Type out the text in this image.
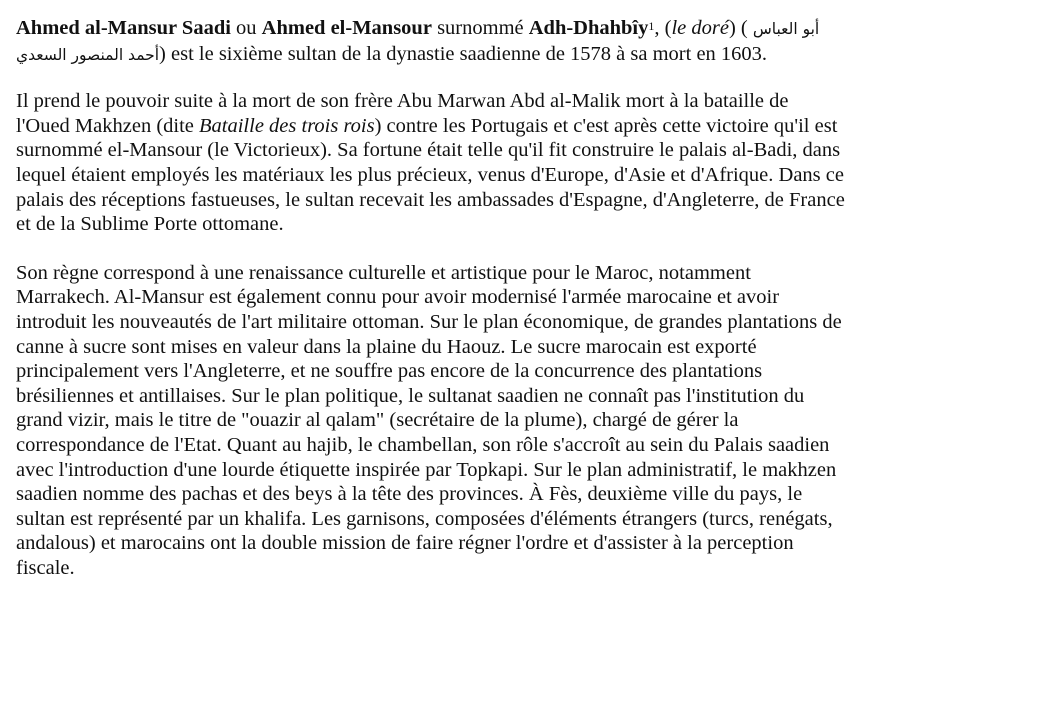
Ahmed al-Mansur Saadi ou Ahmed el-Mansour surnommé Adh-Dhahbîy$^1$, (le doré) ( أبو العباس
أحمد المنصور السعدي) est le sixième sultan de la dynastie saadienne de 1578 à sa mort en 1603.

Il prend le pouvoir suite à la mort de son frère Abu Marwan Abd al-Malik mort à la bataille de
l'Oued Makhzen (dite Bataille des trois rois) contre les Portugais et c'est après cette victoire qu'il est
surnommé el-Mansour (le Victorieux). Sa fortune était telle qu'il fit construire le palais al-Badi, dans
lequel étaient employés les matériaux les plus précieux, venus d'Europe, d'Asie et d'Afrique. Dans ce
palais des réceptions fastueuses, le sultan recevait les ambassades d'Espagne, d'Angleterre, de France
et de la Sublime Porte ottomane.

Son règne correspond à une renaissance culturelle et artistique pour le Maroc, notamment
Marrakech. Al-Mansur est également connu pour avoir modernisé l'armée marocaine et avoir
introduit les nouveautés de l'art militaire ottoman. Sur le plan économique, de grandes plantations de
canne à sucre sont mises en valeur dans la plaine du Haouz. Le sucre marocain est exporté
principalement vers l'Angleterre, et ne souffre pas encore de la concurrence des plantations
brésiliennes et antillaises. Sur le plan politique, le sultanat saadien ne connaît pas l'institution du
grand vizir, mais le titre de "ouazir al qalam" (secrétaire de la plume), chargé de gérer la
correspondance de l'Etat. Quant au hajib, le chambellan, son rôle s'accroît au sein du Palais saadien
avec l'introduction d'une lourde étiquette inspirée par Topkapi. Sur le plan administratif, le makhzen
saadien nomme des pachas et des beys à la tête des provinces. À Fès, deuxième ville du pays, le
sultan est représenté par un khalifa. Les garnisons, composées d'éléments étrangers (turcs, renégats,
andalous) et marocains ont la double mission de faire régner l'ordre et d'assister à la perception
fiscale.
